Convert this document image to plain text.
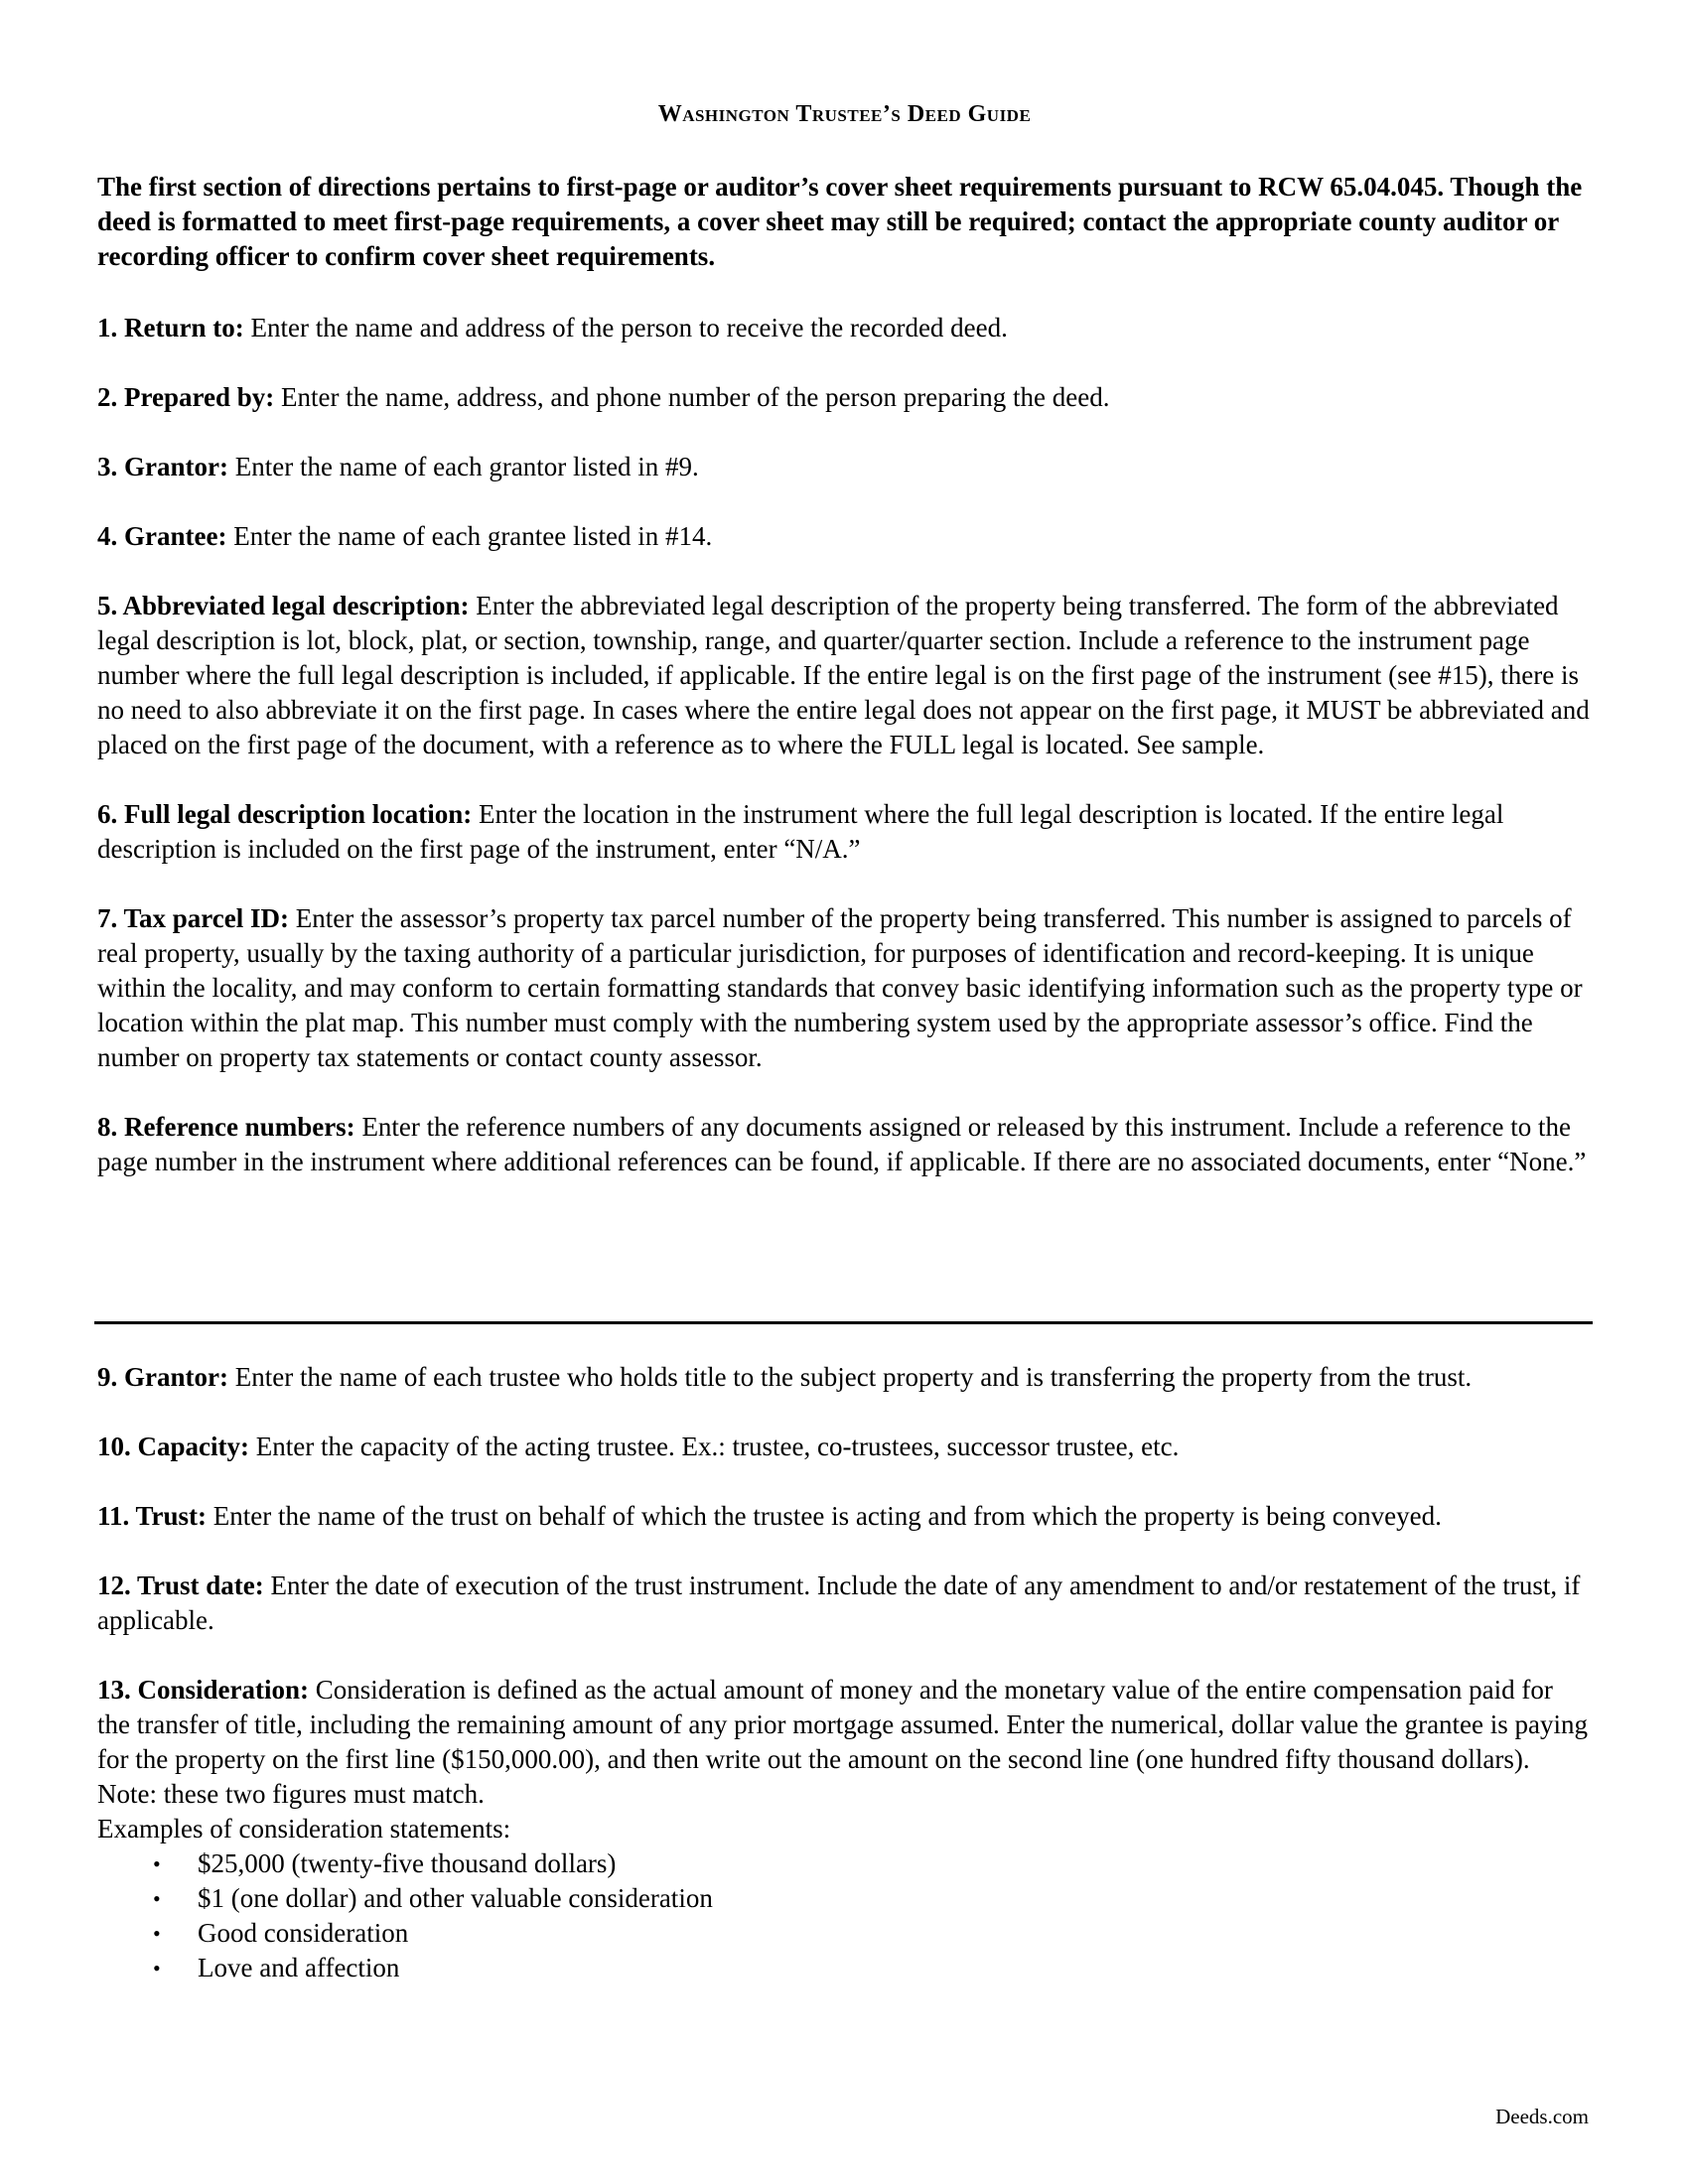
Washington Trustee’s Deed Guide
The first section of directions pertains to first-page or auditor’s cover sheet requirements pursuant to RCW 65.04.045. Though the deed is formatted to meet first-page requirements, a cover sheet may still be required; contact the appropriate county auditor or recording officer to confirm cover sheet requirements.

1. Return to: Enter the name and address of the person to receive the recorded deed.

2. Prepared by: Enter the name, address, and phone number of the person preparing the deed.

3. Grantor: Enter the name of each grantor listed in #9.

4. Grantee: Enter the name of each grantee listed in #14.

5. Abbreviated legal description: Enter the abbreviated legal description of the property being transferred. The form of the abbreviated legal description is lot, block, plat, or section, township, range, and quarter/quarter section. Include a reference to the instrument page number where the full legal description is included, if applicable. If the entire legal is on the first page of the instrument (see #15), there is no need to also abbreviate it on the first page. In cases where the entire legal does not appear on the first page, it MUST be abbreviated and placed on the first page of the document, with a reference as to where the FULL legal is located. See sample.

6. Full legal description location: Enter the location in the instrument where the full legal description is located. If the entire legal description is included on the first page of the instrument, enter “N/A.”

7. Tax parcel ID: Enter the assessor’s property tax parcel number of the property being transferred. This number is assigned to parcels of real property, usually by the taxing authority of a particular jurisdiction, for purposes of identification and record-keeping. It is unique within the locality, and may conform to certain formatting standards that convey basic identifying information such as the property type or location within the plat map. This number must comply with the numbering system used by the appropriate assessor’s office. Find the number on property tax statements or contact county assessor.

8. Reference numbers: Enter the reference numbers of any documents assigned or released by this instrument. Include a reference to the page number in the instrument where additional references can be found, if applicable. If there are no associated documents, enter “None.”

9. Grantor: Enter the name of each trustee who holds title to the subject property and is transferring the property from the trust.

10. Capacity: Enter the capacity of the acting trustee. Ex.: trustee, co-trustees, successor trustee, etc.

11. Trust: Enter the name of the trust on behalf of which the trustee is acting and from which the property is being conveyed.

12. Trust date: Enter the date of execution of the trust instrument. Include the date of any amendment to and/or restatement of the trust, if applicable.

13. Consideration: Consideration is defined as the actual amount of money and the monetary value of the entire compensation paid for the transfer of title, including the remaining amount of any prior mortgage assumed. Enter the numerical, dollar value the grantee is paying for the property on the first line ($150,000.00), and then write out the amount on the second line (one hundred fifty thousand dollars). Note: these two figures must match.

Examples of consideration statements:

• $25,000 (twenty-five thousand dollars)
• $1 (one dollar) and other valuable consideration
• Good consideration
• Love and affection
Deeds.com
